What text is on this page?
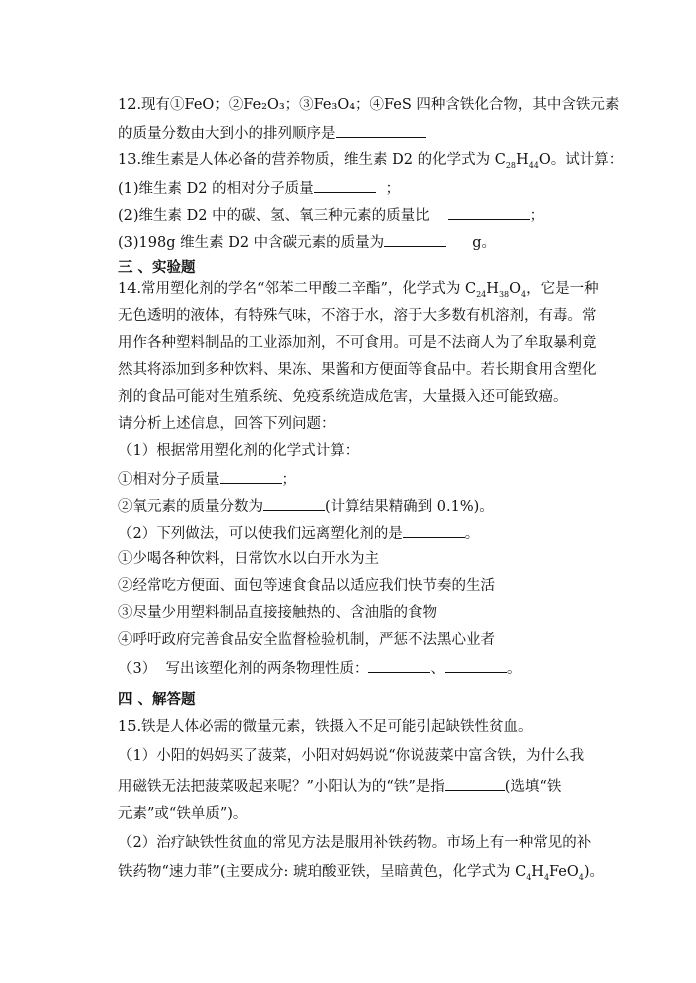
12.现有①FeO；②Fe₂O₃；③Fe₃O₄；④FeS 四种含铁化合物，其中含铁元素
的质量分数由大到小的排列顺序是
13.维生素是人体必备的营养物质，维生素 D2 的化学式为 $C_{28}H_{44}O$。试计算：
(1)维生素 D2 的相对分子质量	；
(2)维生素 D2 中的碳、氢、氧三种元素的质量比	；
(3)198g 维生素 D2 中含碳元素的质量为	g。
三 、实验题
14.常用塑化剂的学名“邻苯二甲酸二辛酯”，化学式为 $C_{24}H_{38}O_4$，它是一种
无色透明的液体，有特殊气味，不溶于水，溶于大多数有机溶剂，有毒。常
用作各种塑料制品的工业添加剂，不可食用。可是不法商人为了牟取暴利竟
然其将添加到多种饮料、果冻、果酱和方便面等食品中。若长期食用含塑化
剂的食品可能对生殖系统、免疫系统造成危害，大量摄入还可能致癌。
请分析上述信息，回答下列问题：
（1）根据常用塑化剂的化学式计算：
①相对分子质量	；
②氧元素的质量分数为	(计算结果精确到 0.1%)。
（2）下列做法，可以使我们远离塑化剂的是	。
①少喝各种饮料，日常饮水以白开水为主
②经常吃方便面、面包等速食食品以适应我们快节奏的生活
③尽量少用塑料制品直接接触热的、含油脂的食物
④呼吁政府完善食品安全监督检验机制，严惩不法黑心业者
（3）  写出该塑化剂的两条物理性质：	、	。
四 、解答题
15.铁是人体必需的微量元素，铁摄入不足可能引起缺铁性贫血。
（1）小阳的妈妈买了菠菜，小阳对妈妈说“你说菠菜中富含铁，为什么我
用磁铁无法把菠菜吸起来呢？”小阳认为的“铁”是指	(选填“铁
元素”或“铁单质”)。
（2）治疗缺铁性贫血的常见方法是服用补铁药物。市场上有一种常见的补
铁药物“速力菲”(主要成分: 琥珀酸亚铁，呈暗黄色，化学式为 $C_4H_4FeO_4$)。
